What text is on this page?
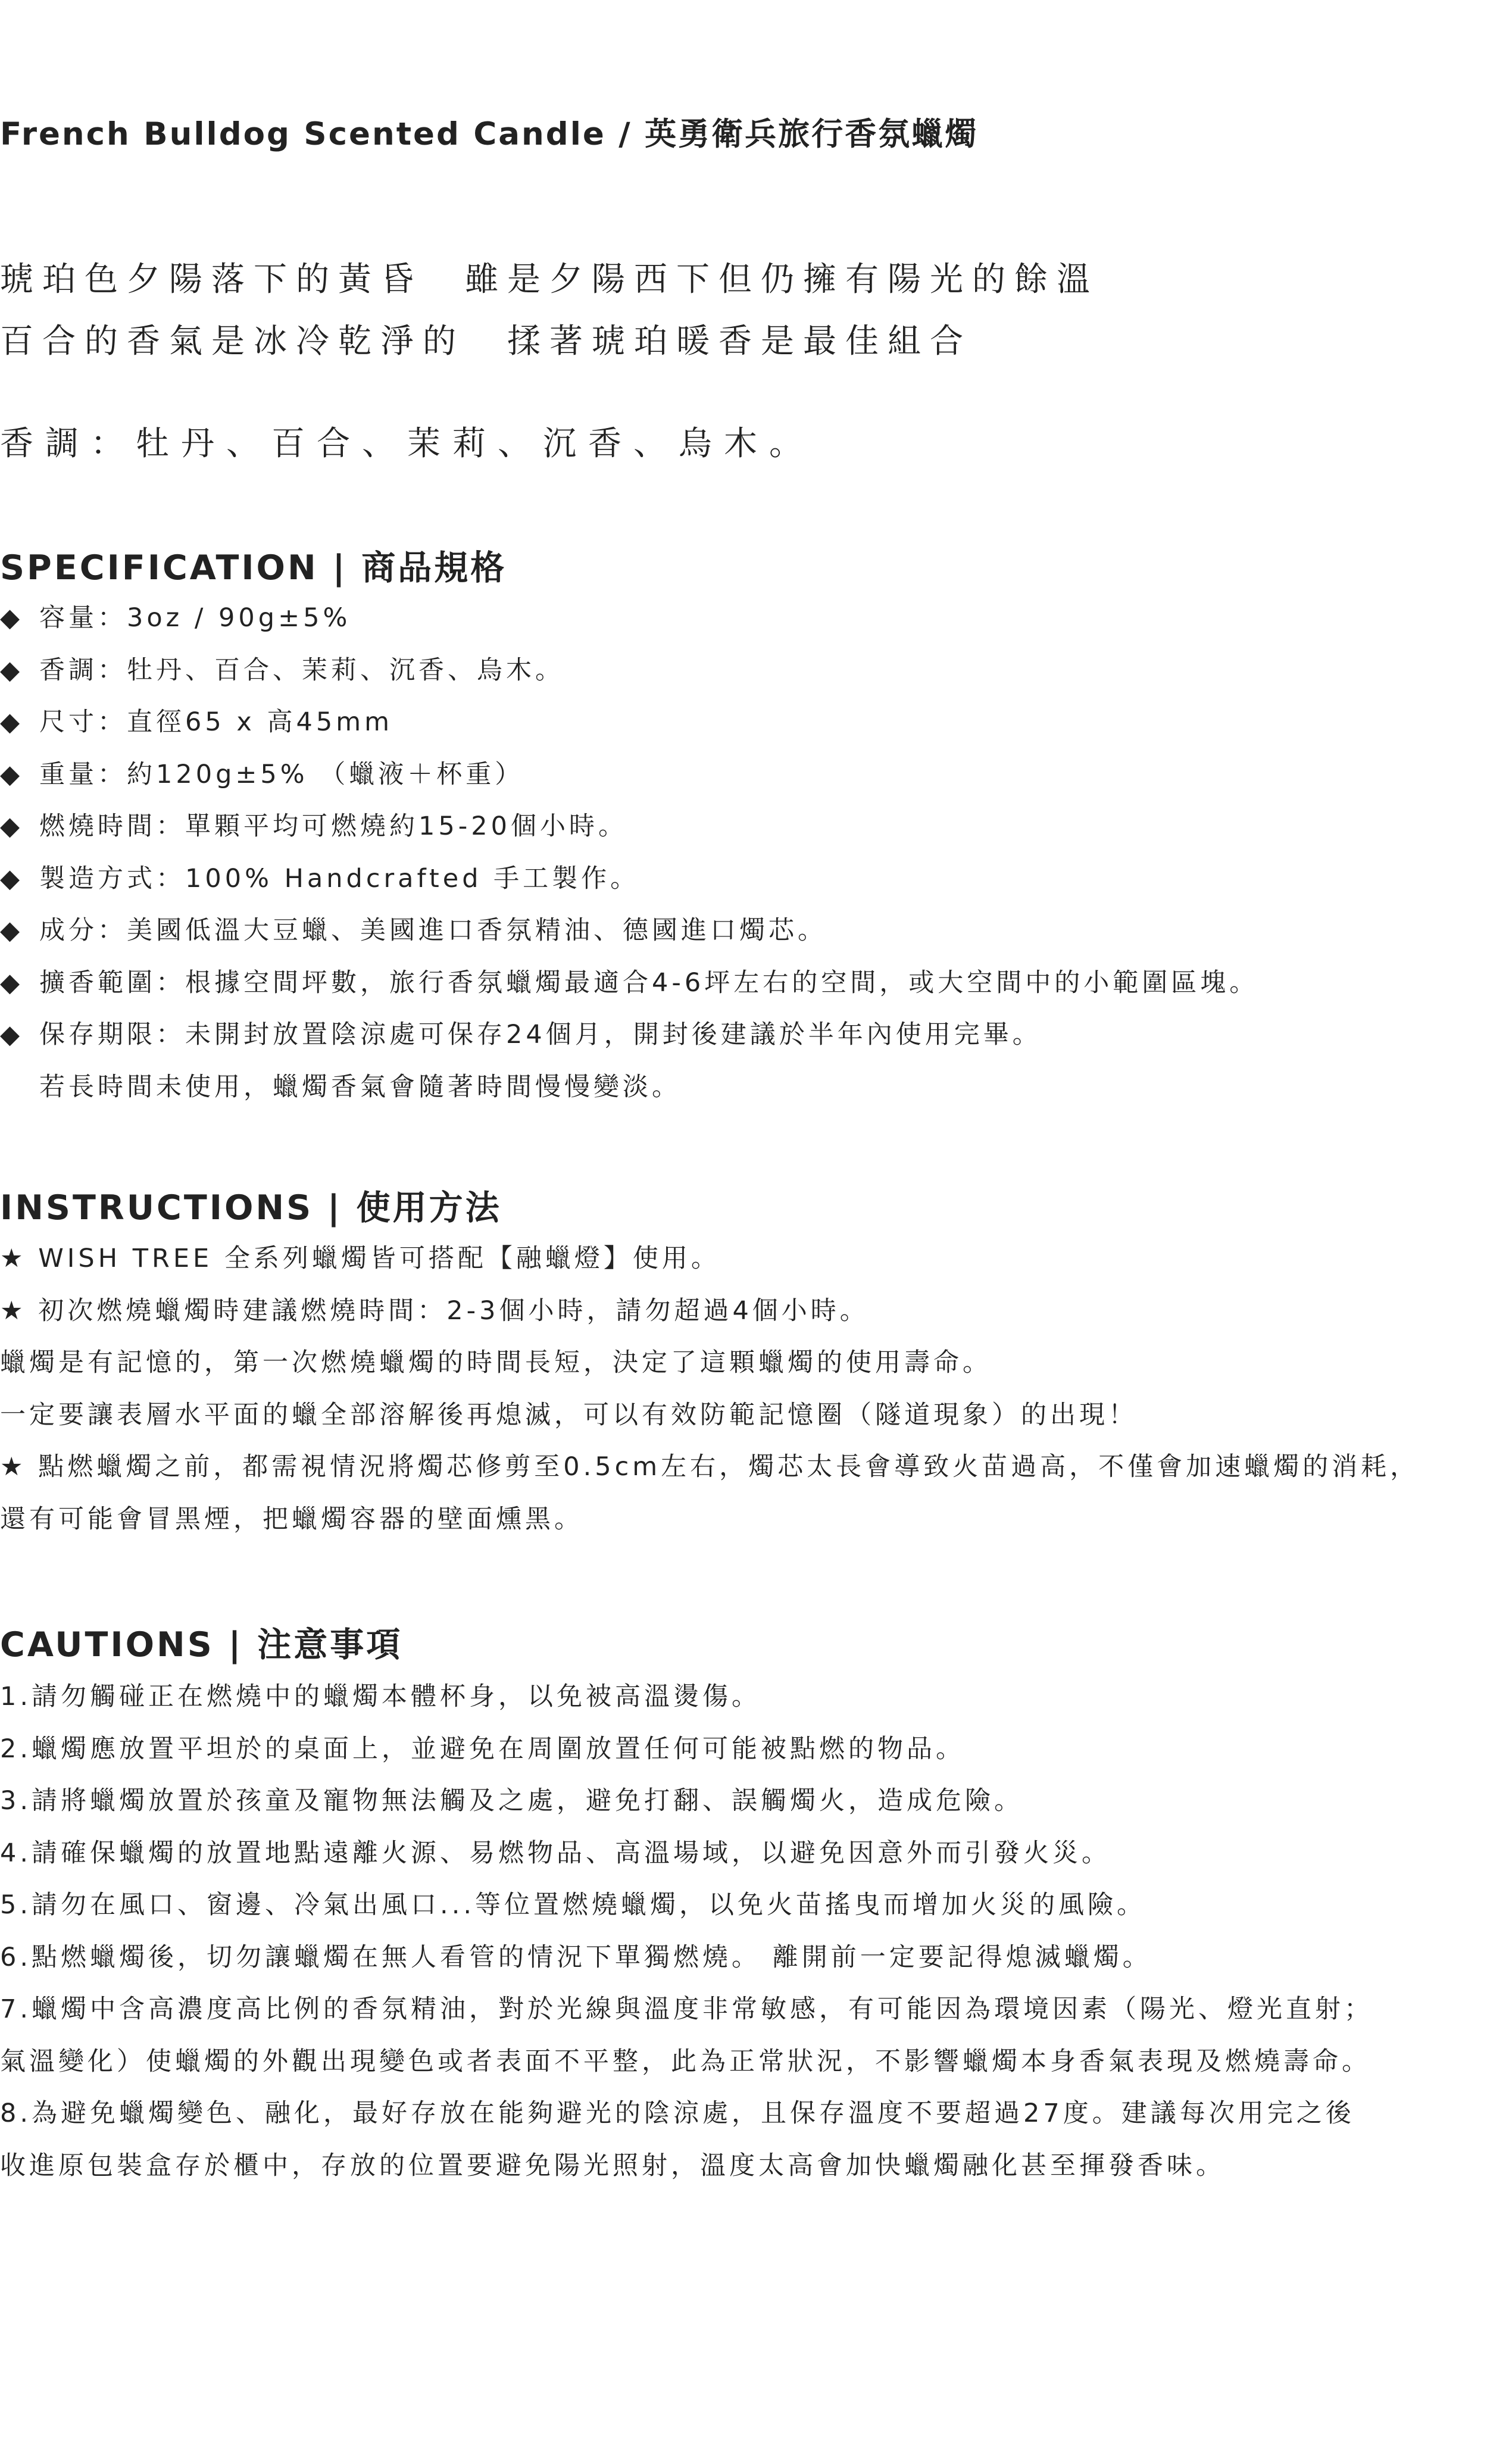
French Bulldog Scented Candle / 英勇衛兵旅行香氛蠟燭
琥珀色夕陽落下的黃昏　雖是夕陽西下但仍擁有陽光的餘溫
百合的香氣是冰冷乾淨的　揉著琥珀暖香是最佳組合
香調：牡丹、百合、茉莉、沉香、烏木。
SPECIFICATION | 商品規格
◆ 容量：3oz / 90g±5%
◆ 香調：牡丹、百合、茉莉、沉香、烏木。
◆ 尺寸：直徑65 x 高45mm
◆ 重量：約120g±5% （蠟液＋杯重）
◆ 燃燒時間：單顆平均可燃燒約15-20個小時。
◆ 製造方式：100% Handcrafted 手工製作。
◆ 成分：美國低溫大豆蠟、美國進口香氛精油、德國進口燭芯。
◆ 擴香範圍：根據空間坪數，旅行香氛蠟燭最適合4-6坪左右的空間，或大空間中的小範圍區塊。
◆ 保存期限：未開封放置陰涼處可保存24個月，開封後建議於半年內使用完畢。
若長時間未使用，蠟燭香氣會隨著時間慢慢變淡。
INSTRUCTIONS | 使用方法
★ WISH TREE 全系列蠟燭皆可搭配【融蠟燈】使用。
★ 初次燃燒蠟燭時建議燃燒時間：2-3個小時，請勿超過4個小時。
蠟燭是有記憶的，第一次燃燒蠟燭的時間長短，決定了這顆蠟燭的使用壽命。
一定要讓表層水平面的蠟全部溶解後再熄滅，可以有效防範記憶圈（隧道現象）的出現！
★ 點燃蠟燭之前，都需視情況將燭芯修剪至0.5cm左右，燭芯太長會導致火苗過高，不僅會加速蠟燭的消耗，
還有可能會冒黑煙，把蠟燭容器的壁面燻黑。
CAUTIONS | 注意事項
1.請勿觸碰正在燃燒中的蠟燭本體杯身，以免被高溫燙傷。
2.蠟燭應放置平坦於的桌面上，並避免在周圍放置任何可能被點燃的物品。
3.請將蠟燭放置於孩童及寵物無法觸及之處，避免打翻、誤觸燭火，造成危險。
4.請確保蠟燭的放置地點遠離火源、易燃物品、高溫場域，以避免因意外而引發火災。
5.請勿在風口、窗邊、冷氣出風口...等位置燃燒蠟燭，以免火苗搖曳而增加火災的風險。
6.點燃蠟燭後，切勿讓蠟燭在無人看管的情況下單獨燃燒。 離開前一定要記得熄滅蠟燭。
7.蠟燭中含高濃度高比例的香氛精油，對於光線與溫度非常敏感，有可能因為環境因素（陽光、燈光直射；
氣溫變化）使蠟燭的外觀出現變色或者表面不平整，此為正常狀況，不影響蠟燭本身香氣表現及燃燒壽命。
8.為避免蠟燭變色、融化，最好存放在能夠避光的陰涼處，且保存溫度不要超過27度。建議每次用完之後
收進原包裝盒存於櫃中，存放的位置要避免陽光照射，溫度太高會加快蠟燭融化甚至揮發香味。
